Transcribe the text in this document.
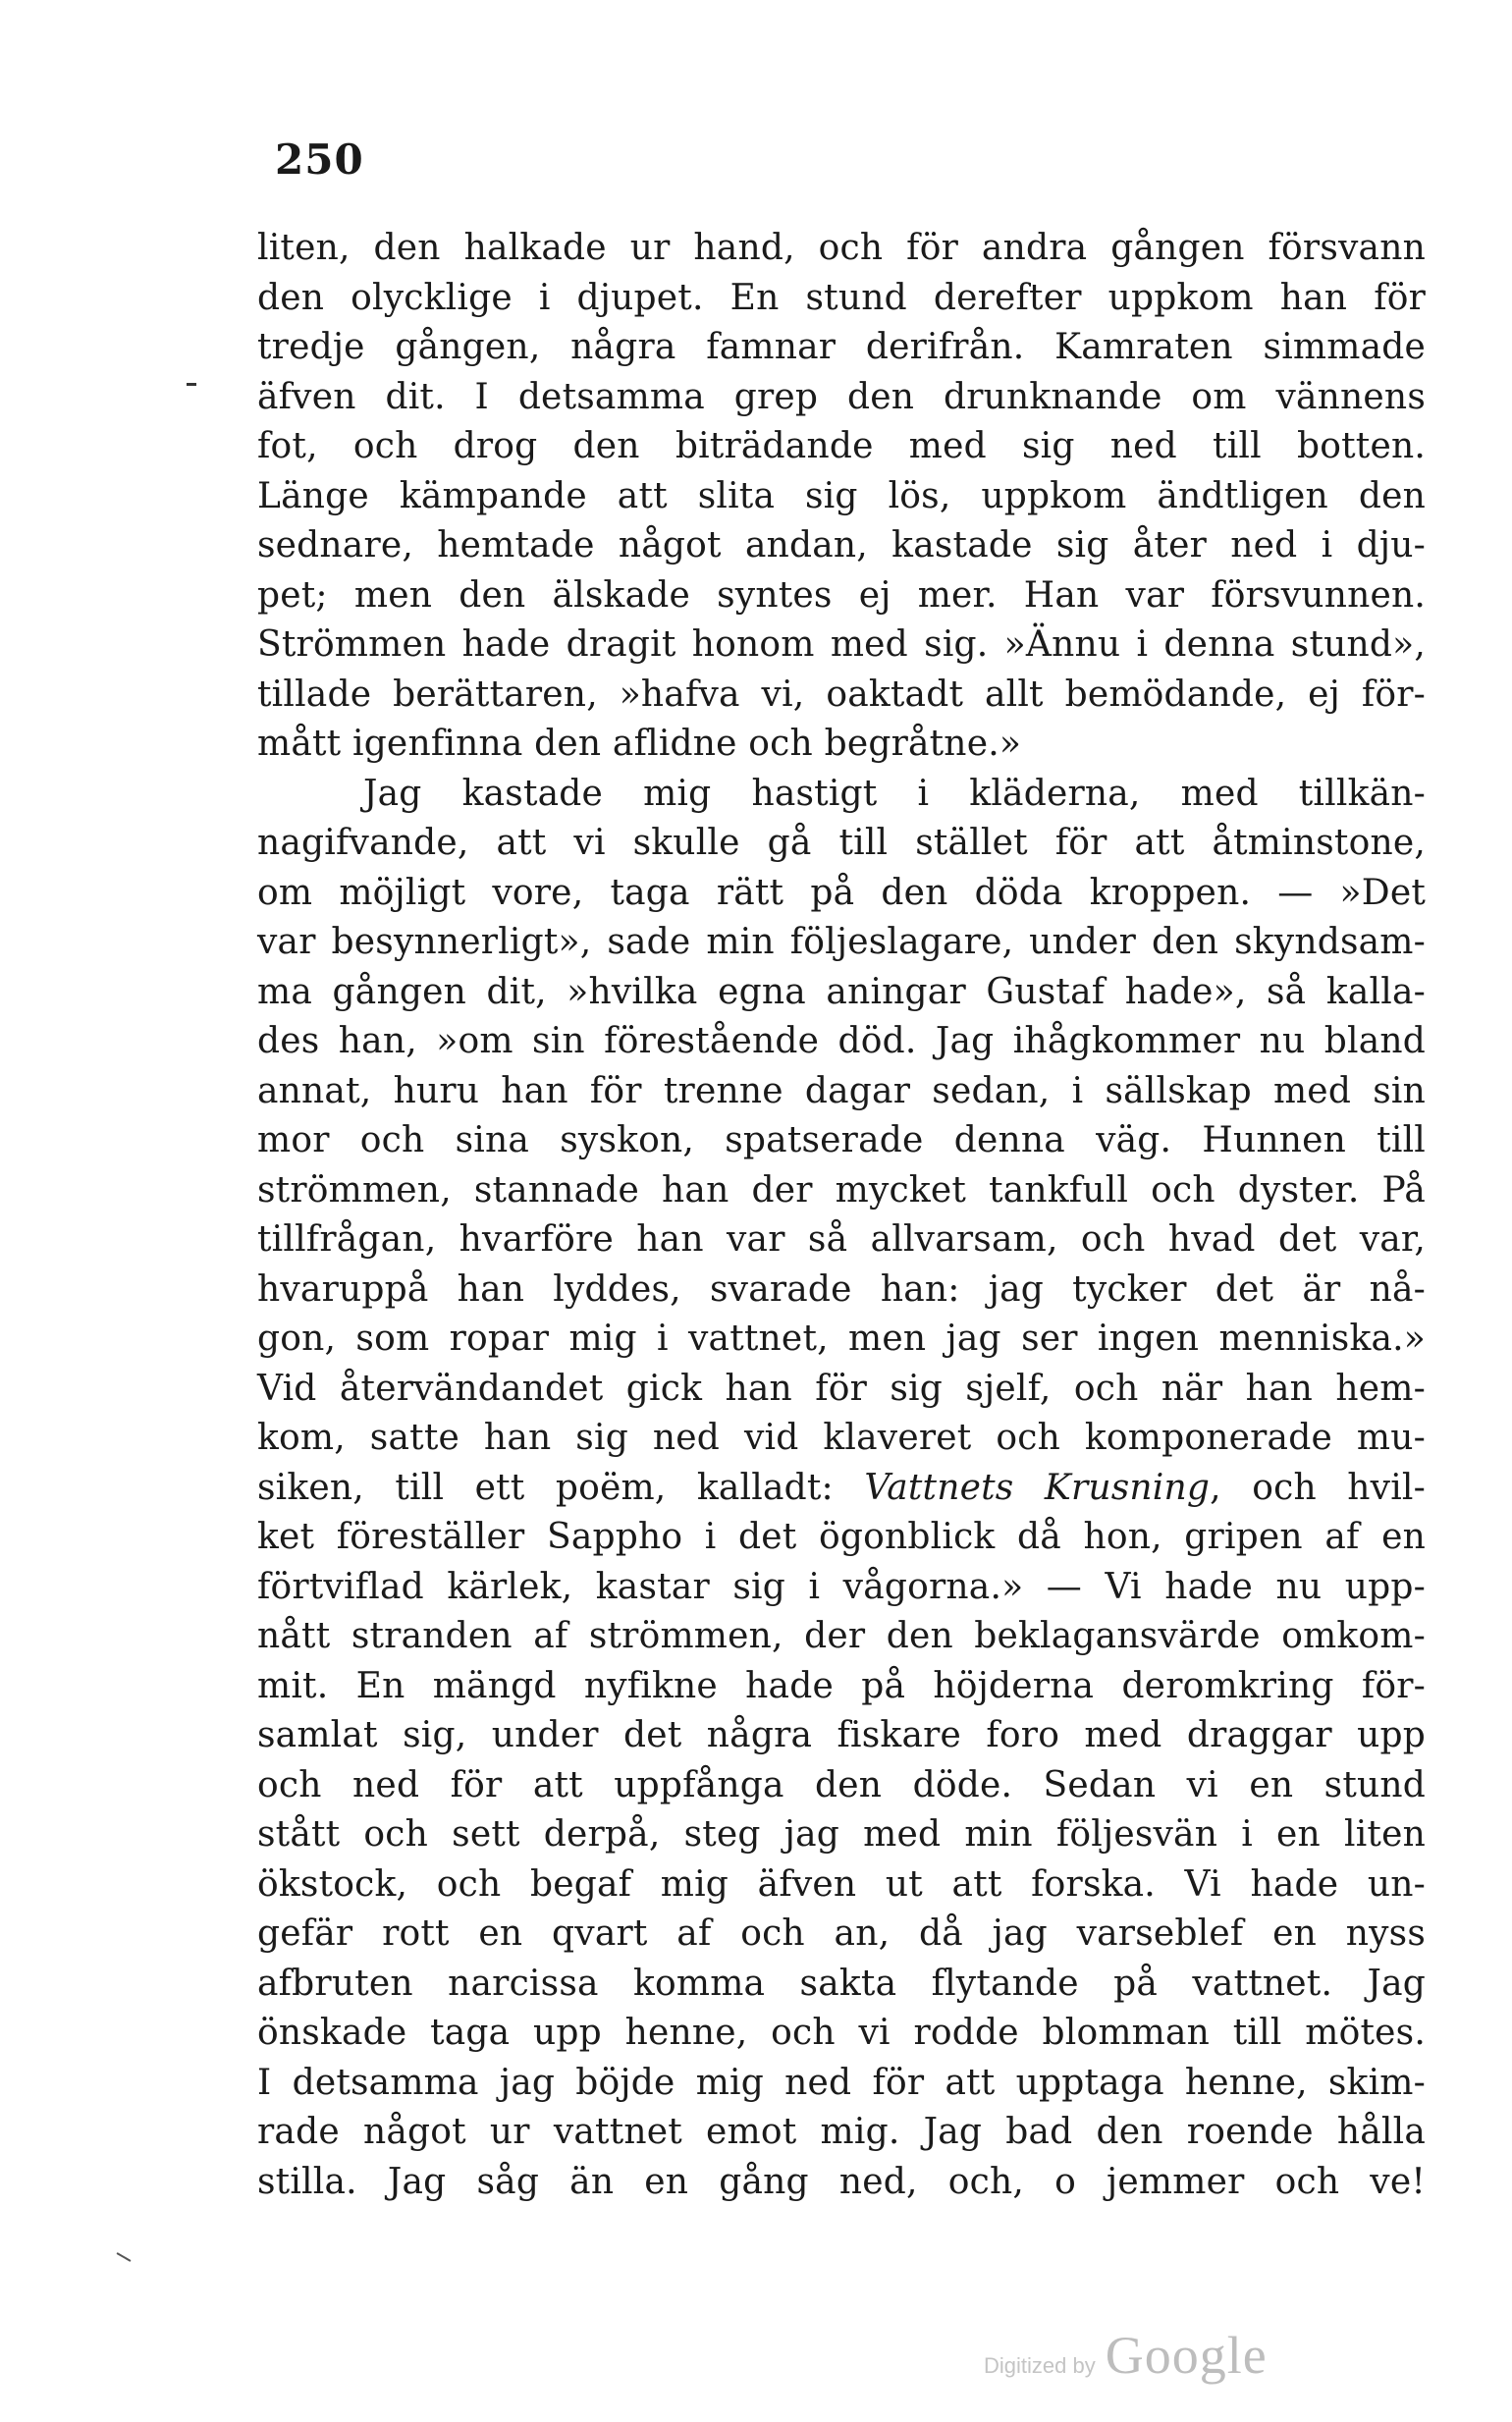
250
liten, den halkade ur hand, och för andra gången försvann
den olycklige i djupet. En stund derefter uppkom han för
tredje gången, några famnar derifrån. Kamraten simmade
äfven dit. I detsamma grep den drunknande om vännens
fot, och drog den biträdande med sig ned till botten.
Länge kämpande att slita sig lös, uppkom ändtligen den
sednare, hemtade något andan, kastade sig åter ned i dju-
pet; men den älskade syntes ej mer. Han var försvunnen.
Strömmen hade dragit honom med sig. »Ännu i denna stund»,
tillade berättaren, »hafva vi, oaktadt allt bemödande, ej för-
mått igenfinna den aflidne och begråtne.»
Jag kastade mig hastigt i kläderna, med tillkän-
nagifvande, att vi skulle gå till stället för att åtminstone,
om möjligt vore, taga rätt på den döda kroppen. — »Det
var besynnerligt», sade min följeslagare, under den skyndsam-
ma gången dit, »hvilka egna aningar Gustaf hade», så kalla-
des han, »om sin förestående död. Jag ihågkommer nu bland
annat, huru han för trenne dagar sedan, i sällskap med sin
mor och sina syskon, spatserade denna väg. Hunnen till
strömmen, stannade han der mycket tankfull och dyster. På
tillfrågan, hvarföre han var så allvarsam, och hvad det var,
hvaruppå han lyddes, svarade han: jag tycker det är nå-
gon, som ropar mig i vattnet, men jag ser ingen menniska.»
Vid återvändandet gick han för sig sjelf, och när han hem-
kom, satte han sig ned vid klaveret och komponerade mu-
siken, till ett poëm, kalladt: Vattnets Krusning, och hvil-
ket föreställer Sappho i det ögonblick då hon, gripen af en
förtviflad kärlek, kastar sig i vågorna.» — Vi hade nu upp-
nått stranden af strömmen, der den beklagansvärde omkom-
mit. En mängd nyfikne hade på höjderna deromkring för-
samlat sig, under det några fiskare foro med draggar upp
och ned för att uppfånga den döde. Sedan vi en stund
stått och sett derpå, steg jag med min följesvän i en liten
ökstock, och begaf mig äfven ut att forska. Vi hade un-
gefär rott en qvart af och an, då jag varseblef en nyss
afbruten narcissa komma sakta flytande på vattnet. Jag
önskade taga upp henne, och vi rodde blomman till mötes.
I detsamma jag böjde mig ned för att upptaga henne, skim-
rade något ur vattnet emot mig. Jag bad den roende hålla
stilla. Jag såg än en gång ned, och, o jemmer och ve!
Digitized by Google
